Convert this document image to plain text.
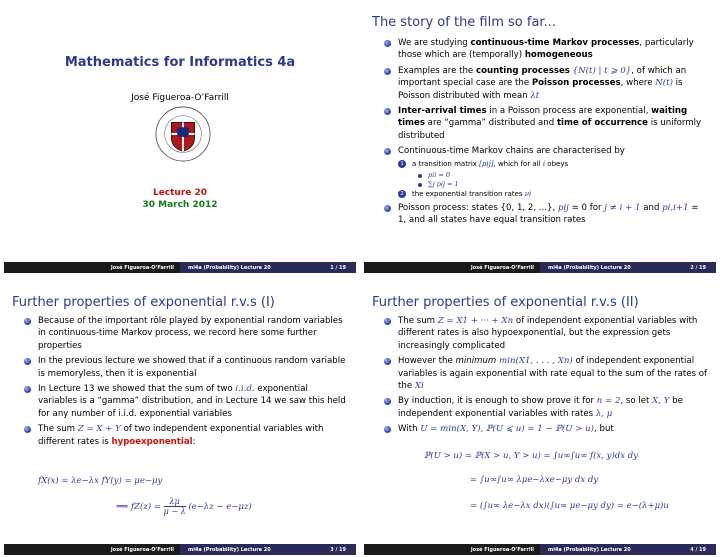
Mathematics for Informatics 4a
José Figueroa-O’Farrill
Lecture 20
30 March 2012
José Figueroa-O’Farrill	mi4a (Probability) Lecture 20	1 / 19
The story of the film so far...
We are studying continuous-time Markov processes, particularly those which are (temporally) homogeneous
Examples are the counting processes {N(t) | t ⩾ 0}, of which an important special case are the Poisson processes, where N(t) is Poisson distributed with mean λt
Inter-arrival times in a Poisson process are exponential, waiting times are “gamma” distributed and time of occurrence is uniformly distributed
Continuous-time Markov chains are characterised by
1	a transition matrix [pij], which for all i obeys
pii = 0
∑j pij = 1
2	the exponential transition rates νi
Poisson process: states {0, 1, 2, ...}, pij = 0 for j ≠ i + 1 and pi,i+1 = 1, and all states have equal transition rates
José Figueroa-O’Farrill	mi4a (Probability) Lecture 20	2 / 19
Further properties of exponential r.v.s (I)
Because of the important rôle played by exponential random variables in continuous-time Markov process, we record here some further properties
In the previous lecture we showed that if a continuous random variable is memoryless, then it is exponential
In Lecture 13 we showed that the sum of two i.i.d. exponential variables is a “gamma” distribution, and in Lecture 14 we saw this held for any number of i.i.d. exponential variables
The sum Z = X + Y of two independent exponential variables with different rates is hypoexponential:
fX(x) = λe−λx fY(y) = μe−μy
⟹ $fZ(z) = \frac{\lambda\mu}{\mu - \lambda} (e-\lambda z - e-\mu z)$
José Figueroa-O’Farrill	mi4a (Probability) Lecture 20	3 / 19
Further properties of exponential r.v.s (II)
The sum Z = X1 + ··· + Xn of independent exponential variables with different rates is also hypoexponential, but the expression gets increasingly complicated
However the minimum min(X1, . . . , Xn) of independent exponential variables is again exponential with rate equal to the sum of the rates of the Xi
By induction, it is enough to show prove it for n = 2, so let X, Y be independent exponential variables with rates λ, μ
With U = min(X, Y), ℙ(U ⩽ u) = 1 − ℙ(U > u), but
ℙ(U > u) = ℙ(X > u, Y > u) = ∫u∞∫u∞ f(x, y)dx dy
= ∫u∞∫u∞ λμe−λxe−μy dx dy
= (∫u∞ λe−λx dx)(∫u∞ μe−μy dy) = e−(λ+μ)u
José Figueroa-O’Farrill	mi4a (Probability) Lecture 20	4 / 19
